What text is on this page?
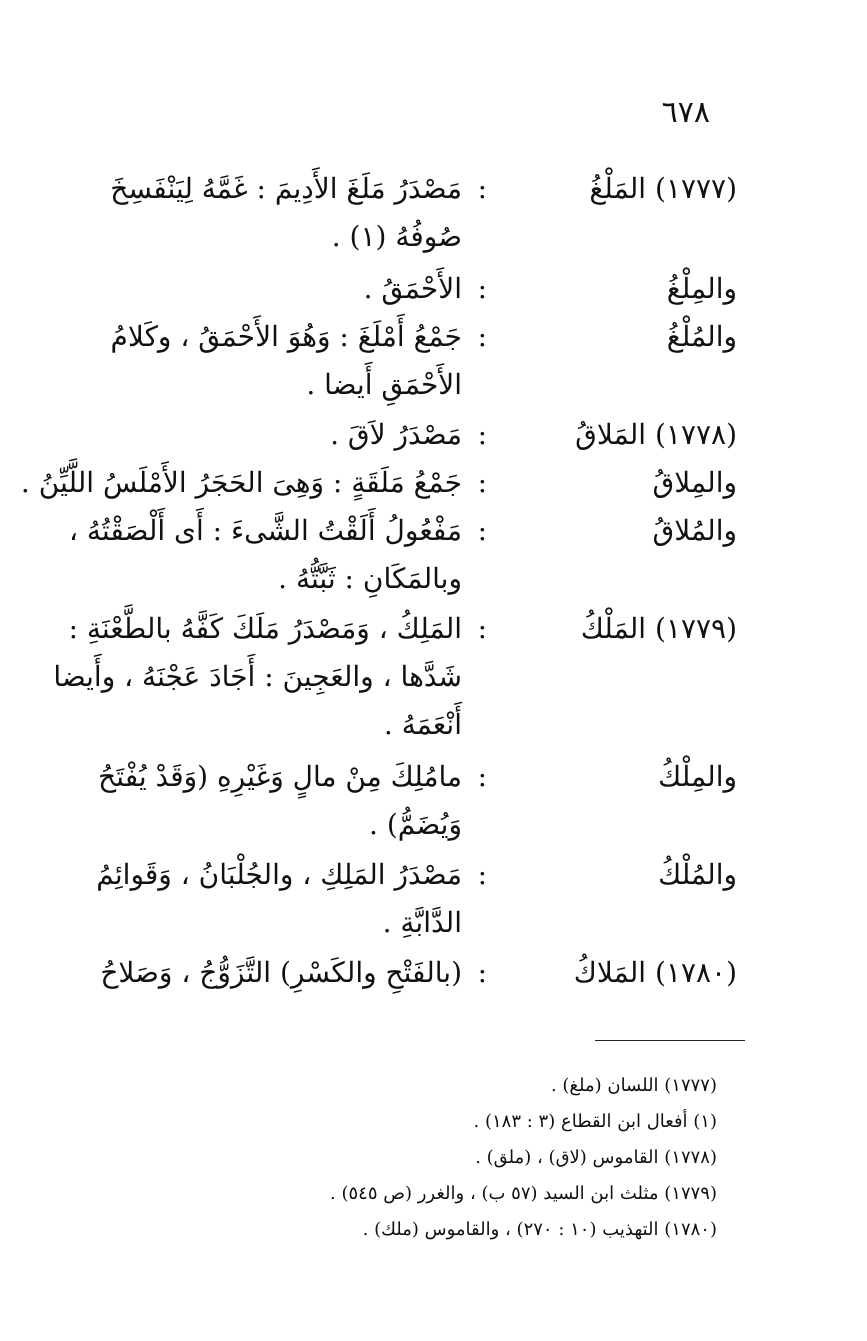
٦٧٨
(١٧٧٧) المَلْغُ
:
مَصْدَرُ مَلَغَ الأَدِيمَ : غَمَّهُ لِيَنْفَسِخَ
صُوفُهُ (١) .
والمِلْغُ
:
الأَحْمَقُ .
والمُلْغُ
:
جَمْعُ أَمْلَغَ : وَهُوَ الأَحْمَقُ ، وكَلامُ
الأَحْمَقِ أَيضا .
(١٧٧٨) المَلاقُ
:
مَصْدَرُ لاَقَ .
والمِلاقُ
:
جَمْعُ مَلَقَةٍ : وَهِىَ الحَجَرُ الأَمْلَسُ اللَّيِّنُ .
والمُلاقُ
:
مَفْعُولُ أَلَقْتُ الشَّىءَ : أَى أَلْصَقْتُهُ ،
وبالمَكَانِ : ثَبَّتُّهُ .
(١٧٧٩) المَلْكُ
:
المَلِكُ ، وَمَصْدَرُ مَلَكَ كَفَّهُ بالطَّعْنَةِ :
شَدَّها ، والعَجِينَ : أَجَادَ عَجْنَهُ ، وأَيضا
أَنْعَمَهُ .
والمِلْكُ
:
مامُلِكَ مِنْ مالٍ وَغَيْرِهِ (وَقَدْ يُفْتَحُ
وَيُضَمُّ) .
والمُلْكُ
:
مَصْدَرُ المَلِكِ ، والجُلْبَانُ ، وَقَوائِمُ
الدَّابَّةِ .
(١٧٨٠) المَلاكُ
:
(بالفَتْحِ والكَسْرِ) التَّزَوُّجُ ، وَصَلاحُ
(١٧٧٧) اللسان (ملغ) .
(١) أفعال ابن القطاع (٣ : ١٨٣) .
(١٧٧٨) القاموس (لاق) ، (ملق) .
(١٧٧٩) مثلث ابن السيد (٥٧ ب) ، والغرر (ص ٥٤٥) .
(١٧٨٠) التهذيب (١٠ : ٢٧٠) ، والقاموس (ملك) .
